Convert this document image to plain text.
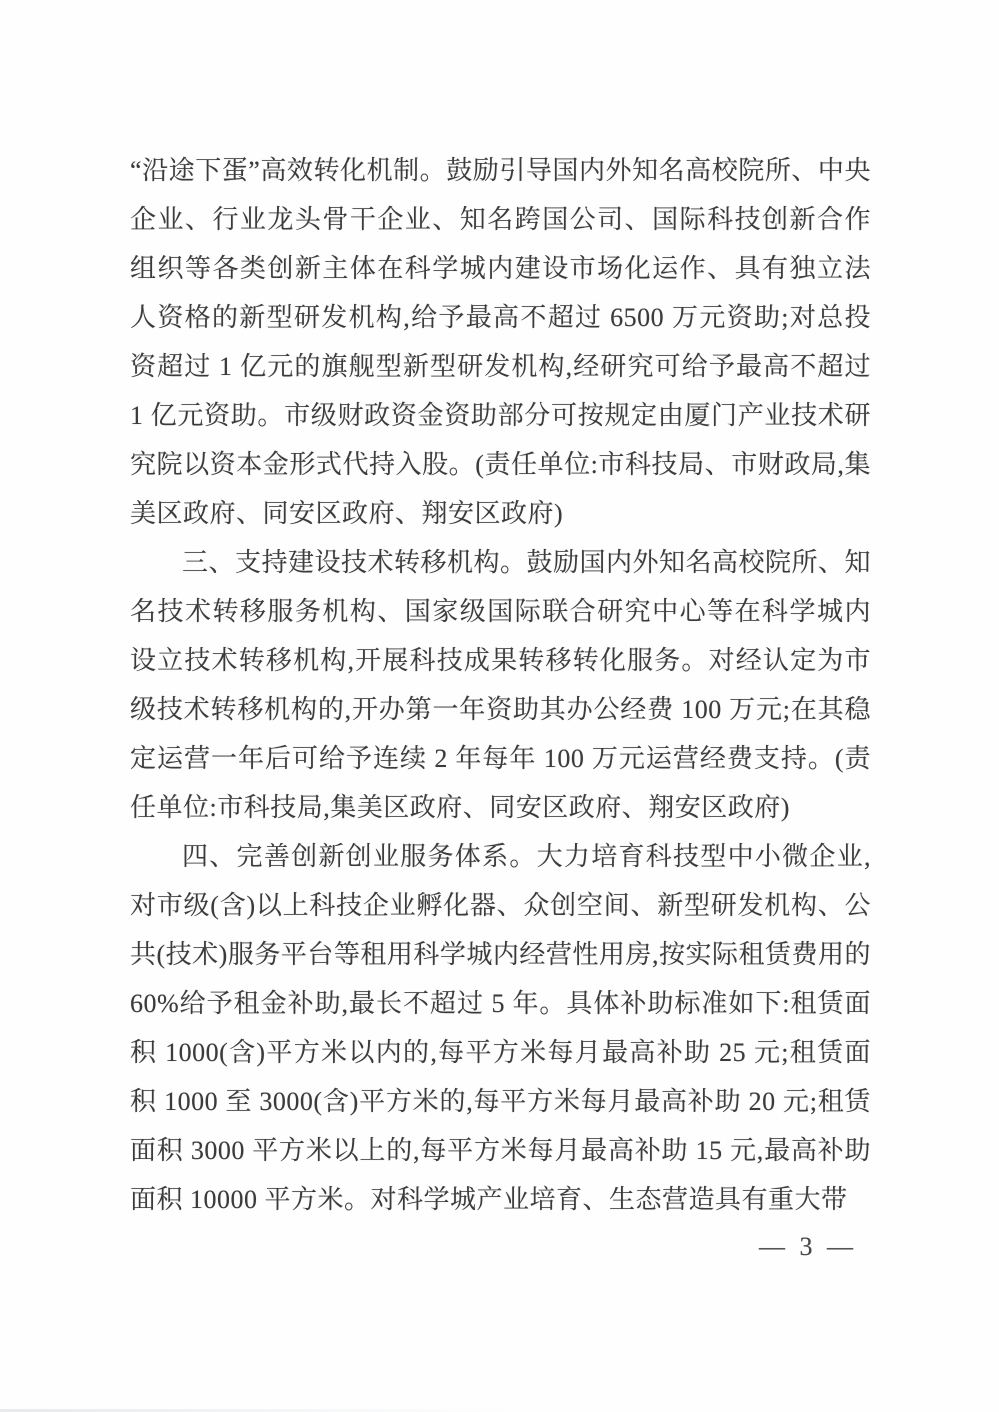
“沿途下蛋”高效转化机制。鼓励引导国内外知名高校院所、中央企业、行业龙头骨干企业、知名跨国公司、国际科技创新合作组织等各类创新主体在科学城内建设市场化运作、具有独立法人资格的新型研发机构,给予最高不超过 6500 万元资助;对总投资超过 1 亿元的旗舰型新型研发机构,经研究可给予最高不超过 1 亿元资助。市级财政资金资助部分可按规定由厦门产业技术研究院以资本金形式代持入股。(责任单位:市科技局、市财政局,集美区政府、同安区政府、翔安区政府)

三、支持建设技术转移机构。鼓励国内外知名高校院所、知名技术转移服务机构、国家级国际联合研究中心等在科学城内设立技术转移机构,开展科技成果转移转化服务。对经认定为市级技术转移机构的,开办第一年资助其办公经费 100 万元;在其稳定运营一年后可给予连续 2 年每年 100 万元运营经费支持。(责任单位:市科技局,集美区政府、同安区政府、翔安区政府)

四、完善创新创业服务体系。大力培育科技型中小微企业,对市级(含)以上科技企业孵化器、众创空间、新型研发机构、公共(技术)服务平台等租用科学城内经营性用房,按实际租赁费用的 60%给予租金补助,最长不超过 5 年。具体补助标准如下:租赁面积 1000(含)平方米以内的,每平方米每月最高补助 25 元;租赁面积 1000 至 3000(含)平方米的,每平方米每月最高补助 20 元;租赁面积 3000 平方米以上的,每平方米每月最高补助 15 元,最高补助面积 10000 平方米。对科学城产业培育、生态营造具有重大带

— 3 —
